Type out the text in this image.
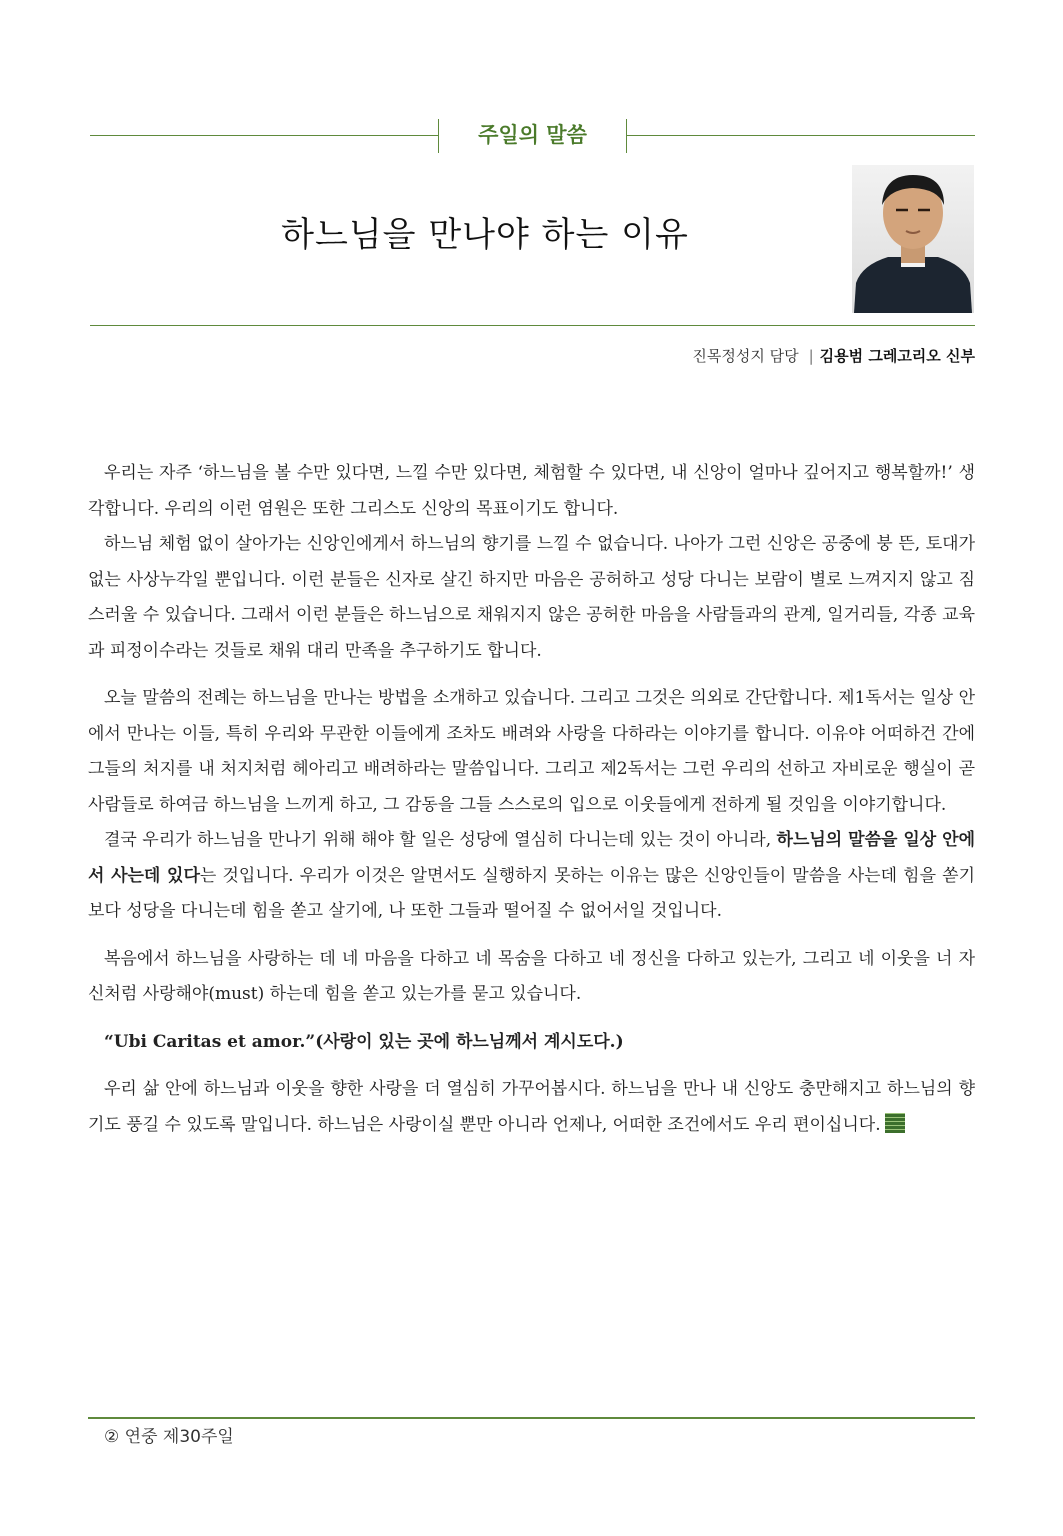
주일의 말씀
하느님을 만나야 하는 이유
진목정성지 담당 | 김용범 그레고리오 신부

우리는 자주 ‘하느님을 볼 수만 있다면, 느낄 수만 있다면, 체험할 수 있다면, 내 신앙이 얼마나 깊어지고 행복할까!’ 생각합니다. 우리의 이런 염원은 또한 그리스도 신앙의 목표이기도 합니다.

하느님 체험 없이 살아가는 신앙인에게서 하느님의 향기를 느낄 수 없습니다. 나아가 그런 신앙은 공중에 붕 뜬, 토대가 없는 사상누각일 뿐입니다. 이런 분들은 신자로 살긴 하지만 마음은 공허하고 성당 다니는 보람이 별로 느껴지지 않고 짐스러울 수 있습니다. 그래서 이런 분들은 하느님으로 채워지지 않은 공허한 마음을 사람들과의 관계, 일거리들, 각종 교육과 피정이수라는 것들로 채워 대리 만족을 추구하기도 합니다.

오늘 말씀의 전례는 하느님을 만나는 방법을 소개하고 있습니다. 그리고 그것은 의외로 간단합니다. 제1독서는 일상 안에서 만나는 이들, 특히 우리와 무관한 이들에게 조차도 배려와 사랑을 다하라는 이야기를 합니다. 이유야 어떠하건 간에 그들의 처지를 내 처지처럼 헤아리고 배려하라는 말씀입니다. 그리고 제2독서는 그런 우리의 선하고 자비로운 행실이 곧 사람들로 하여금 하느님을 느끼게 하고, 그 감동을 그들 스스로의 입으로 이웃들에게 전하게 될 것임을 이야기합니다.

결국 우리가 하느님을 만나기 위해 해야 할 일은 성당에 열심히 다니는데 있는 것이 아니라, 하느님의 말씀을 일상 안에서 사는데 있다는 것입니다. 우리가 이것은 알면서도 실행하지 못하는 이유는 많은 신앙인들이 말씀을 사는데 힘을 쏟기보다 성당을 다니는데 힘을 쏟고 살기에, 나 또한 그들과 떨어질 수 없어서일 것입니다.

복음에서 하느님을 사랑하는 데 네 마음을 다하고 네 목숨을 다하고 네 정신을 다하고 있는가, 그리고 네 이웃을 너 자신처럼 사랑해야(must) 하는데 힘을 쏟고 있는가를 묻고 있습니다.

“Ubi Caritas et amor.”(사랑이 있는 곳에 하느님께서 계시도다.)

우리 삶 안에 하느님과 이웃을 향한 사랑을 더 열심히 가꾸어봅시다. 하느님을 만나 내 신앙도 충만해지고 하느님의 향기도 풍길 수 있도록 말입니다. 하느님은 사랑이실 뿐만 아니라 언제나, 어떠한 조건에서도 우리 편이십니다.

② 연중 제30주일
